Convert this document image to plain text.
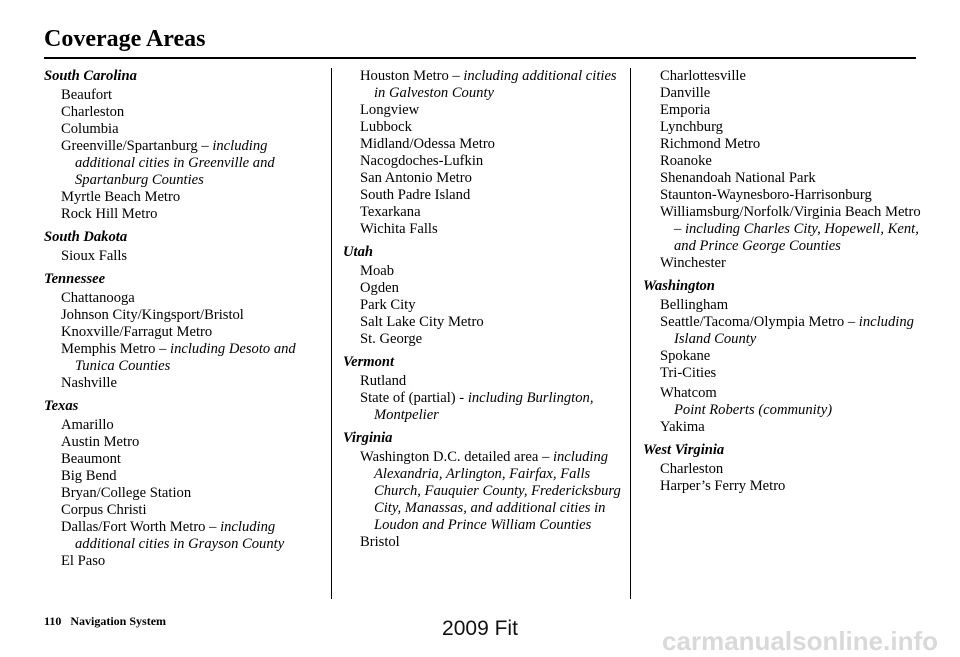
Coverage Areas
South Carolina
Beaufort
Charleston
Columbia
Greenville/Spartanburg – including additional cities in Greenville and Spartanburg Counties
Myrtle Beach Metro
Rock Hill Metro
South Dakota
Sioux Falls
Tennessee
Chattanooga
Johnson City/Kingsport/Bristol
Knoxville/Farragut Metro
Memphis Metro – including Desoto and Tunica Counties
Nashville
Texas
Amarillo
Austin Metro
Beaumont
Big Bend
Bryan/College Station
Corpus Christi
Dallas/Fort Worth Metro – including additional cities in Grayson County
El Paso
Houston Metro – including additional cities in Galveston County
Longview
Lubbock
Midland/Odessa Metro
Nacogdoches-Lufkin
San Antonio Metro
South Padre Island
Texarkana
Wichita Falls
Utah
Moab
Ogden
Park City
Salt Lake City Metro
St. George
Vermont
Rutland
State of (partial) - including Burlington, Montpelier
Virginia
Washington D.C. detailed area – including Alexandria, Arlington, Fairfax, Falls Church, Fauquier County, Fredericksburg City, Manassas, and additional cities in Loudon and Prince William Counties
Bristol
Charlottesville
Danville
Emporia
Lynchburg
Richmond Metro
Roanoke
Shenandoah National Park
Staunton-Waynesboro-Harrisonburg
Williamsburg/Norfolk/Virginia Beach Metro – including Charles City, Hopewell, Kent, and Prince George Counties
Winchester
Washington
Bellingham
Seattle/Tacoma/Olympia Metro – including Island County
Spokane
Tri-Cities
Whatcom
Point Roberts (community)
Yakima
West Virginia
Charleston
Harper’s Ferry Metro
110 Navigation System	2009 Fit	carmanualsonline.info
